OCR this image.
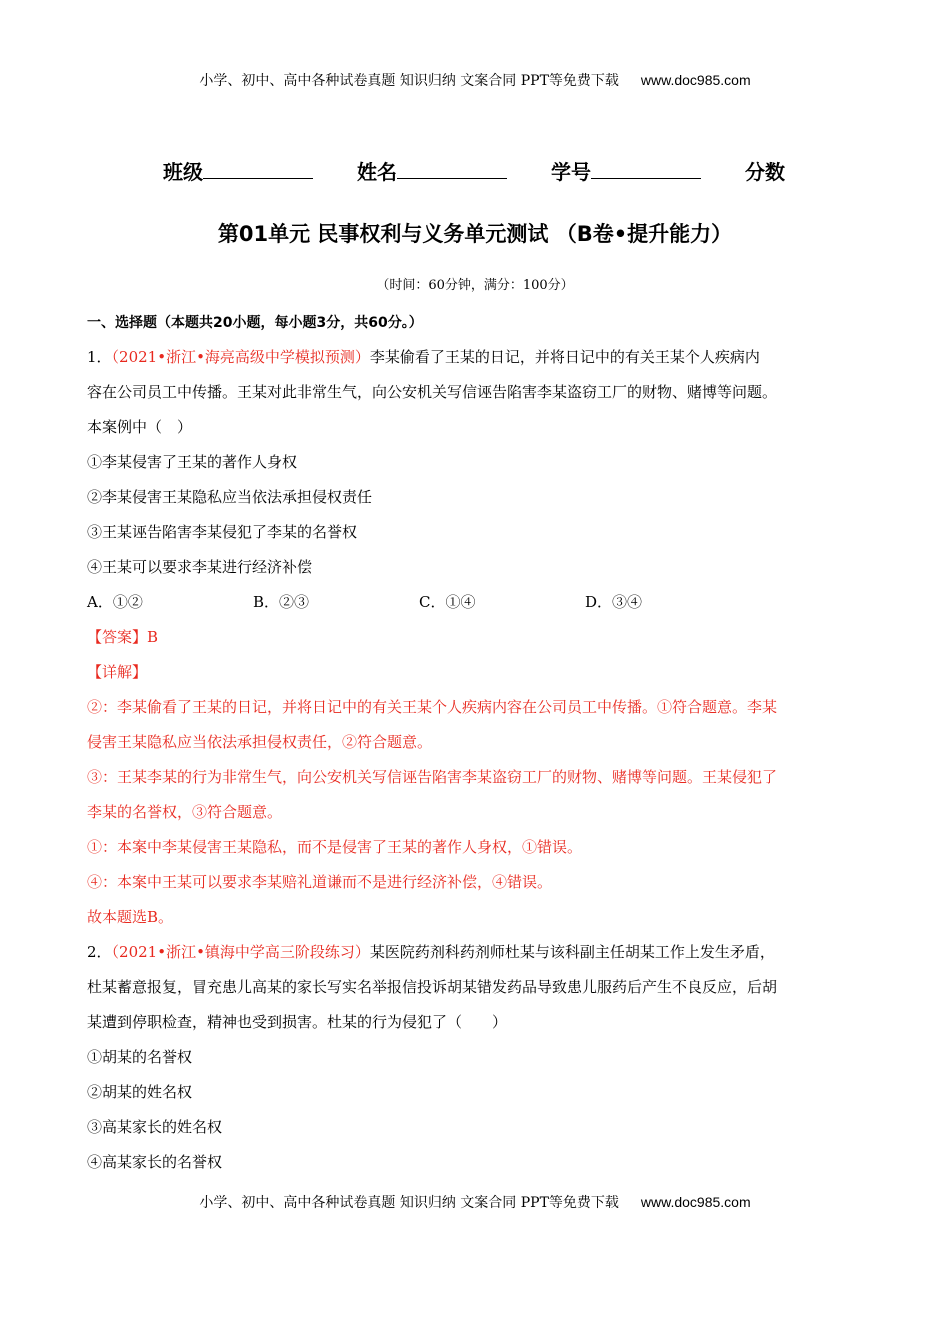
小学、初中、高中各种试卷真题 知识归纳 文案合同 PPT等免费下载 www.doc985.com
班级	姓名	学号	分数
第01单元 民事权利与义务单元测试 （B卷•提升能力）
（时间：60分钟，满分：100分）
一、选择题（本题共20小题，每小题3分，共60分。）

1．（2021•浙江•海亮高级中学模拟预测）李某偷看了王某的日记，并将日记中的有关王某个人疾病内

容在公司员工中传播。王某对此非常生气，向公安机关写信诬告陷害李某盗窃工厂的财物、赌博等问题。

本案例中（　）

①李某侵害了王某的著作人身权

②李某侵害王某隐私应当依法承担侵权责任

③王某诬告陷害李某侵犯了李某的名誉权

④王某可以要求李某进行经济补偿

A．①②	B．②③	C．①④	D．③④

【答案】B

【详解】

②：李某偷看了王某的日记，并将日记中的有关王某个人疾病内容在公司员工中传播。①符合题意。李某

侵害王某隐私应当依法承担侵权责任，②符合题意。

③：王某李某的行为非常生气，向公安机关写信诬告陷害李某盗窃工厂的财物、赌博等问题。王某侵犯了

李某的名誉权，③符合题意。

①：本案中李某侵害王某隐私，而不是侵害了王某的著作人身权，①错误。

④：本案中王某可以要求李某赔礼道谦而不是进行经济补偿，④错误。

故本题选B。

2．（2021•浙江•镇海中学高三阶段练习）某医院药剂科药剂师杜某与该科副主任胡某工作上发生矛盾，

杜某蓄意报复，冒充患儿高某的家长写实名举报信投诉胡某错发药品导致患儿服药后产生不良反应，后胡

某遭到停职检查，精神也受到损害。杜某的行为侵犯了（　　）

①胡某的名誉权

②胡某的姓名权

③高某家长的姓名权

④高某家长的名誉权

小学、初中、高中各种试卷真题 知识归纳 文案合同 PPT等免费下载 www.doc985.com
